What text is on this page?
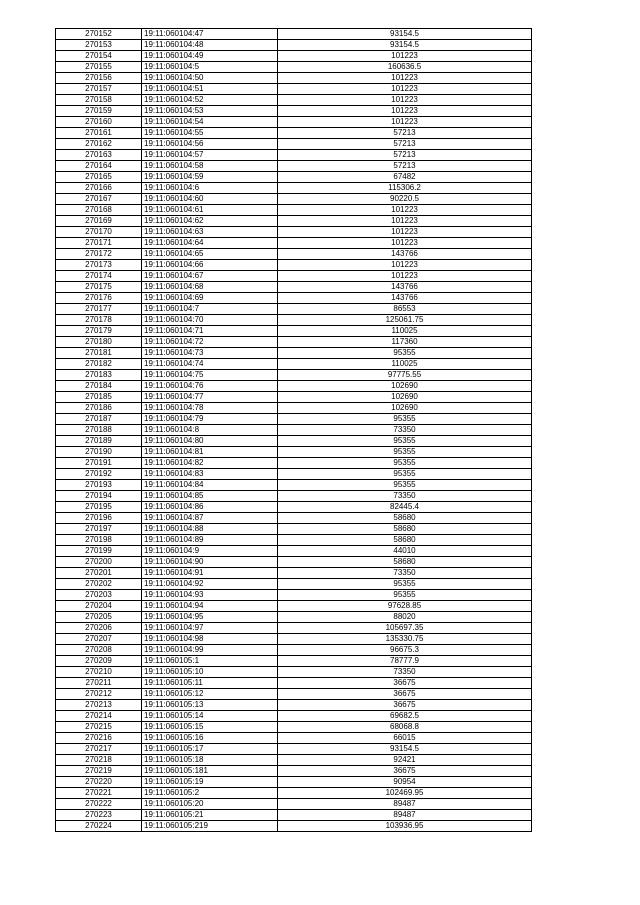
270152	19:11:060104:47	93154.5
270153	19:11:060104:48	93154.5
270154	19:11:060104:49	101223
270155	19:11:060104:5	160636.5
270156	19:11:060104:50	101223
270157	19:11:060104:51	101223
270158	19:11:060104:52	101223
270159	19:11:060104:53	101223
270160	19:11:060104:54	101223
270161	19:11:060104:55	57213
270162	19:11:060104:56	57213
270163	19:11:060104:57	57213
270164	19:11:060104:58	57213
270165	19:11:060104:59	67482
270166	19:11:060104:6	115306.2
270167	19:11:060104:60	90220.5
270168	19:11:060104:61	101223
270169	19:11:060104:62	101223
270170	19:11:060104:63	101223
270171	19:11:060104:64	101223
270172	19:11:060104:65	143766
270173	19:11:060104:66	101223
270174	19:11:060104:67	101223
270175	19:11:060104:68	143766
270176	19:11:060104:69	143766
270177	19:11:060104:7	86553
270178	19:11:060104:70	125061.75
270179	19:11:060104:71	110025
270180	19:11:060104:72	117360
270181	19:11:060104:73	95355
270182	19:11:060104:74	110025
270183	19:11:060104:75	97775.55
270184	19:11:060104:76	102690
270185	19:11:060104:77	102690
270186	19:11:060104:78	102690
270187	19:11:060104:79	95355
270188	19:11:060104:8	73350
270189	19:11:060104:80	95355
270190	19:11:060104:81	95355
270191	19:11:060104:82	95355
270192	19:11:060104:83	95355
270193	19:11:060104:84	95355
270194	19:11:060104:85	73350
270195	19:11:060104:86	82445.4
270196	19:11:060104:87	58680
270197	19:11:060104:88	58680
270198	19:11:060104:89	58680
270199	19:11:060104:9	44010
270200	19:11:060104:90	58680
270201	19:11:060104:91	73350
270202	19:11:060104:92	95355
270203	19:11:060104:93	95355
270204	19:11:060104:94	97628.85
270205	19:11:060104:95	88020
270206	19:11:060104:97	105697.35
270207	19:11:060104:98	135330.75
270208	19:11:060104:99	96675.3
270209	19:11:060105:1	78777.9
270210	19:11:060105:10	73350
270211	19:11:060105:11	36675
270212	19:11:060105:12	36675
270213	19:11:060105:13	36675
270214	19:11:060105:14	69682.5
270215	19:11:060105:15	68068.8
270216	19:11:060105:16	66015
270217	19:11:060105:17	93154.5
270218	19:11:060105:18	92421
270219	19:11:060105:181	36675
270220	19:11:060105:19	90954
270221	19:11:060105:2	102469.95
270222	19:11:060105:20	89487
270223	19:11:060105:21	89487
270224	19:11:060105:219	103936.95
